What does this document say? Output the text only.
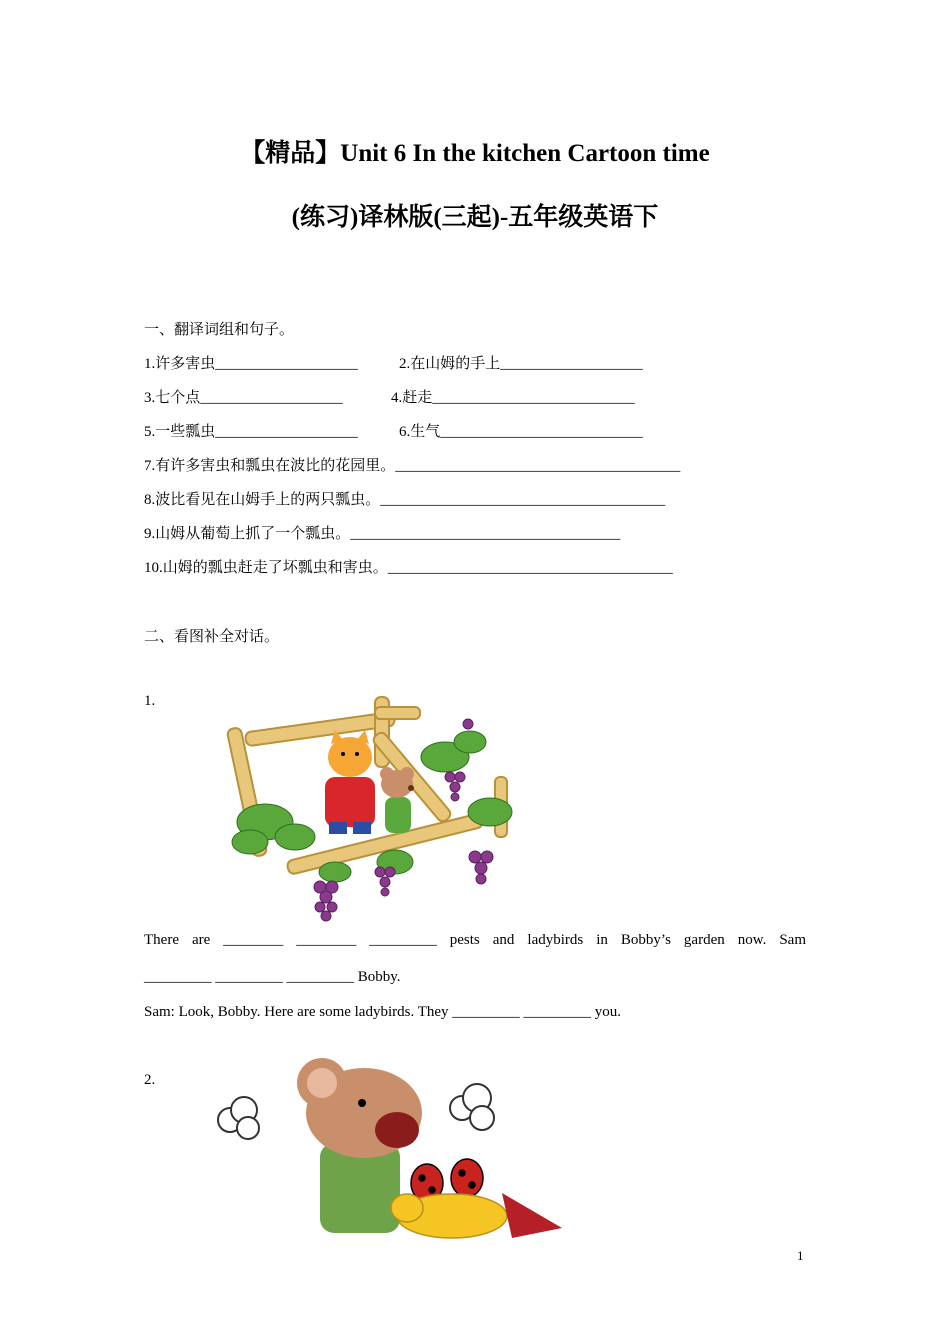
【精品】Unit 6 In the kitchen Cartoon time
(练习)译林版(三起)-五年级英语下

一、翻译词组和句子。

1.许多害虫___________________	2.在山姆的手上___________________
3.七个点___________________	4.赶走___________________________
5.一些瓢虫___________________	6.生气___________________________

7.有许多害虫和瓢虫在波比的花园里。______________________________________

8.波比看见在山姆手上的两只瓢虫。______________________________________

9.山姆从葡萄上抓了一个瓢虫。____________________________________

10.山姆的瓢虫赶走了坏瓢虫和害虫。______________________________________

二、看图补全对话。

1.

There are ________ ________ _________ pests and ladybirds in Bobby’s garden now. Sam

_________ _________ _________ Bobby.

Sam: Look, Bobby. Here are some ladybirds. They _________ _________ you.

2.

1
